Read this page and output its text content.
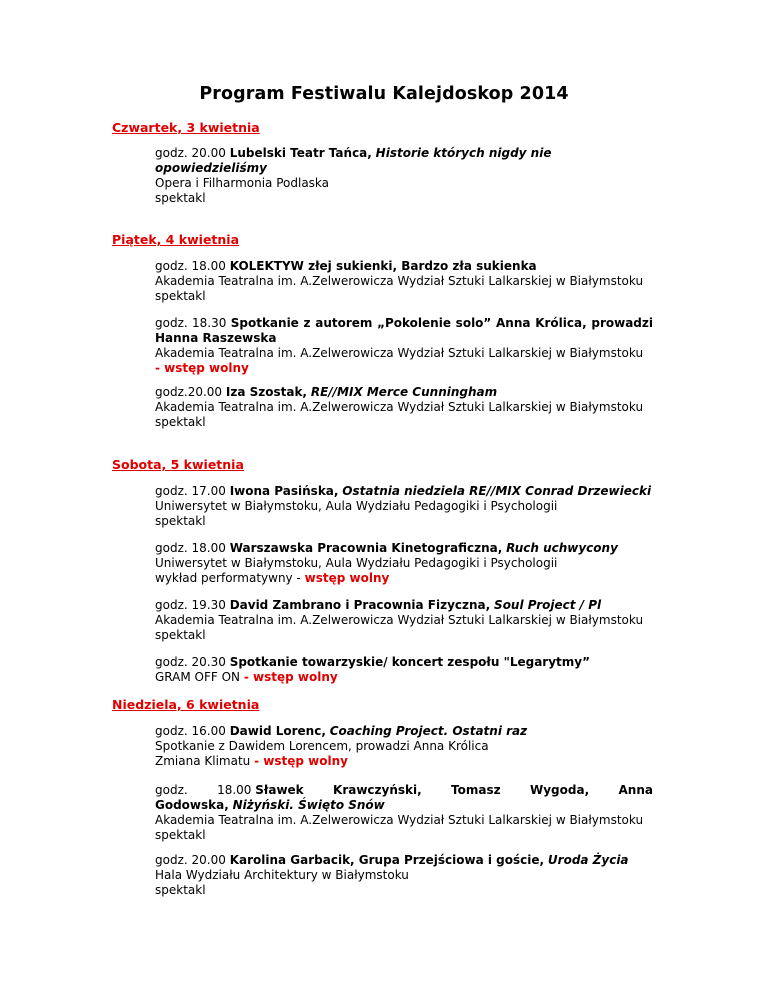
Program Festiwalu Kalejdoskop 2014

Czwartek, 3 kwietnia

godz. 20.00 Lubelski Teatr Tańca, Historie których nigdy nie opowiedzieliśmy

Opera i Filharmonia Podlaska

spektakl

Piątek, 4 kwietnia

godz. 18.00 KOLEKTYW złej sukienki, Bardzo zła sukienka

Akademia Teatralna im. A.Zelwerowicza Wydział Sztuki Lalkarskiej w Białymstoku

spektakl

godz. 18.30 Spotkanie z autorem „Pokolenie solo” Anna Królica, prowadzi Hanna Raszewska

Akademia Teatralna im. A.Zelwerowicza Wydział Sztuki Lalkarskiej w Białymstoku

- wstęp wolny

godz.20.00 Iza Szostak, RE//MIX Merce Cunningham

Akademia Teatralna im. A.Zelwerowicza Wydział Sztuki Lalkarskiej w Białymstoku

spektakl

Sobota, 5 kwietnia

godz. 17.00 Iwona Pasińska, Ostatnia niedziela RE//MIX Conrad Drzewiecki

Uniwersytet w Białymstoku, Aula Wydziału Pedagogiki i Psychologii

spektakl

godz. 18.00 Warszawska Pracownia Kinetograficzna, Ruch uchwycony

Uniwersytet w Białymstoku, Aula Wydziału Pedagogiki i Psychologii

wykład performatywny - wstęp wolny

godz. 19.30 David Zambrano i Pracownia Fizyczna, Soul Project / Pl

Akademia Teatralna im. A.Zelwerowicza Wydział Sztuki Lalkarskiej w Białymstoku

spektakl

godz. 20.30 Spotkanie towarzyskie/ koncert zespołu "Legarytmy”

GRAM OFF ON - wstęp wolny

Niedziela, 6 kwietnia

godz. 16.00 Dawid Lorenc, Coaching Project. Ostatni raz

Spotkanie z Dawidem Lorencem, prowadzi Anna Królica

Zmiana Klimatu - wstęp wolny

godz. 18.00 Sławek Krawczyński, Tomasz Wygoda, Anna

Godowska, Niżyński. Święto Snów

Akademia Teatralna im. A.Zelwerowicza Wydział Sztuki Lalkarskiej w Białymstoku

spektakl

godz. 20.00 Karolina Garbacik, Grupa Przejściowa i goście, Uroda Życia

Hala Wydziału Architektury w Białymstoku

spektakl
